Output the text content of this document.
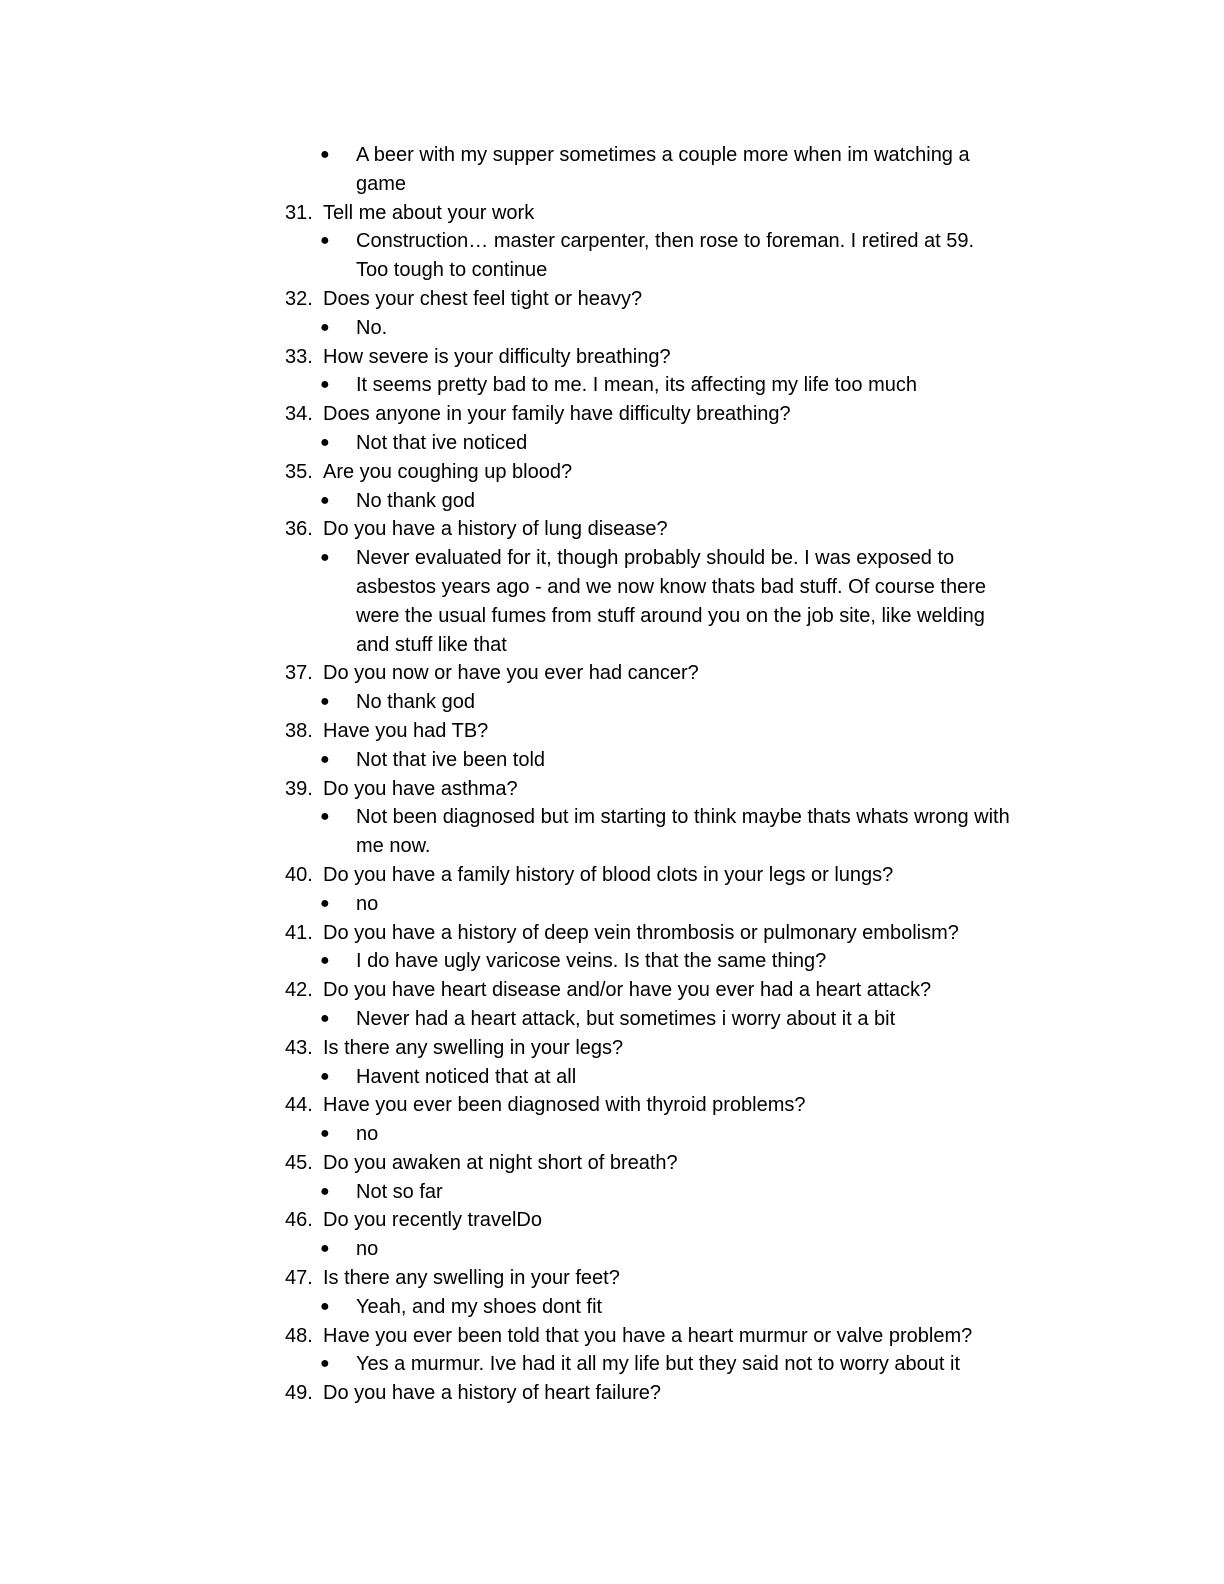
● A beer with my supper sometimes a couple more when im watching a
game
31. Tell me about your work
● Construction… master carpenter, then rose to foreman. I retired at 59.
Too tough to continue
32. Does your chest feel tight or heavy?
● No.
33. How severe is your difficulty breathing?
● It seems pretty bad to me. I mean, its affecting my life too much
34. Does anyone in your family have difficulty breathing?
● Not that ive noticed
35. Are you coughing up blood?
● No thank god
36. Do you have a history of lung disease?
● Never evaluated for it, though probably should be. I was exposed to
asbestos years ago - and we now know thats bad stuff. Of course there
were the usual fumes from stuff around you on the job site, like welding
and stuff like that
37. Do you now or have you ever had cancer?
● No thank god
38. Have you had TB?
● Not that ive been told
39. Do you have asthma?
● Not been diagnosed but im starting to think maybe thats whats wrong with
me now.
40. Do you have a family history of blood clots in your legs or lungs?
● no
41. Do you have a history of deep vein thrombosis or pulmonary embolism?
● I do have ugly varicose veins. Is that the same thing?
42. Do you have heart disease and/or have you ever had a heart attack?
● Never had a heart attack, but sometimes i worry about it a bit
43. Is there any swelling in your legs?
● Havent noticed that at all
44. Have you ever been diagnosed with thyroid problems?
● no
45. Do you awaken at night short of breath?
● Not so far
46. Do you recently travelDo
● no
47. Is there any swelling in your feet?
● Yeah, and my shoes dont fit
48. Have you ever been told that you have a heart murmur or valve problem?
● Yes a murmur. Ive had it all my life but they said not to worry about it
49. Do you have a history of heart failure?
